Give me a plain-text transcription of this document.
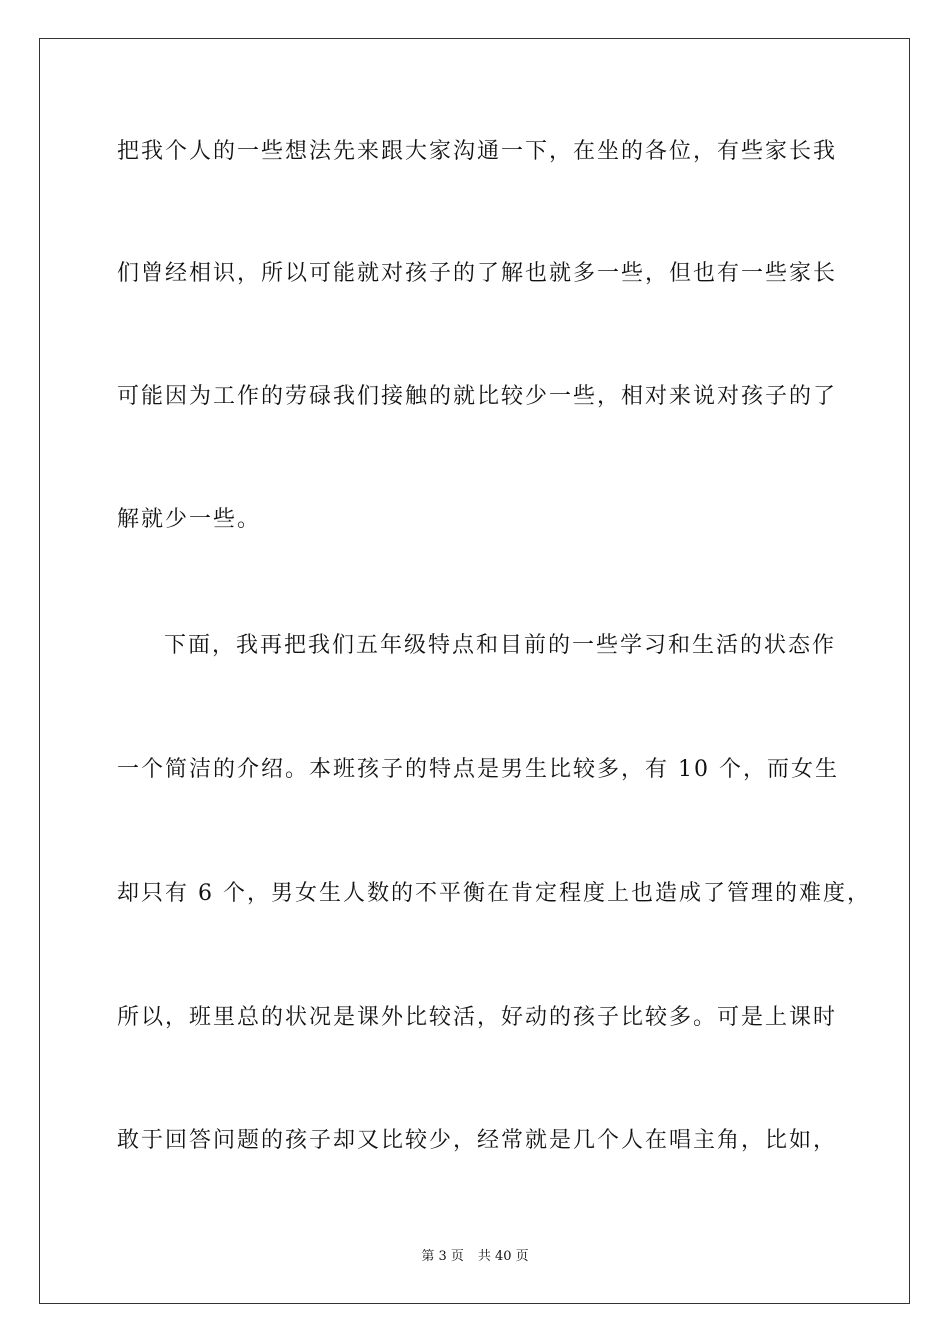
把我个人的一些想法先来跟大家沟通一下，在坐的各位，有些家长我
们曾经相识，所以可能就对孩子的了解也就多一些，但也有一些家长
可能因为工作的劳碌我们接触的就比较少一些，相对来说对孩子的了
解就少一些。
下面，我再把我们五年级特点和目前的一些学习和生活的状态作
一个简洁的介绍。本班孩子的特点是男生比较多，有 10 个，而女生
却只有 6 个，男女生人数的不平衡在肯定程度上也造成了管理的难度，
所以，班里总的状况是课外比较活，好动的孩子比较多。可是上课时
敢于回答问题的孩子却又比较少，经常就是几个人在唱主角，比如，
第 3 页 共 40 页
